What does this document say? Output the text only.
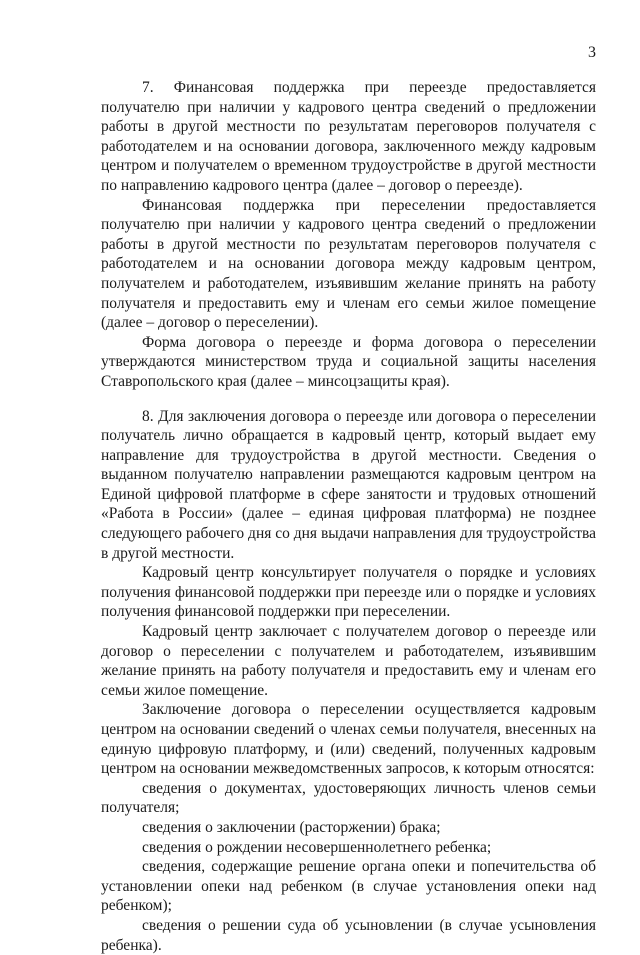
3

7. Финансовая поддержка при переезде предоставляется получателю при наличии у кадрового центра сведений о предложении работы в другой местности по результатам переговоров получателя с работодателем и на основании договора, заключенного между кадровым центром и получателем о временном трудоустройстве в другой местности по направлению кадрового центра (далее – договор о переезде).

Финансовая поддержка при переселении предоставляется получателю при наличии у кадрового центра сведений о предложении работы в другой местности по результатам переговоров получателя с работодателем и на основании договора между кадровым центром, получателем и работодателем, изъявившим желание принять на работу получателя и предоставить ему и членам его семьи жилое помещение (далее – договор о переселении).

Форма договора о переезде и форма договора о переселении утверждаются министерством труда и социальной защиты населения Ставропольского края (далее – минсоцзащиты края).

8. Для заключения договора о переезде или договора о переселении получатель лично обращается в кадровый центр, который выдает ему направление для трудоустройства в другой местности. Сведения о выданном получателю направлении размещаются кадровым центром на Единой цифровой платформе в сфере занятости и трудовых отношений «Работа в России» (далее – единая цифровая платформа) не позднее следующего рабочего дня со дня выдачи направления для трудоустройства в другой местности.

Кадровый центр консультирует получателя о порядке и условиях получения финансовой поддержки при переезде или о порядке и условиях получения финансовой поддержки при переселении.

Кадровый центр заключает с получателем договор о переезде или договор о переселении с получателем и работодателем, изъявившим желание принять на работу получателя и предоставить ему и членам его семьи жилое помещение.

Заключение договора о переселении осуществляется кадровым центром на основании сведений о членах семьи получателя, внесенных на единую цифровую платформу, и (или) сведений, полученных кадровым центром на основании межведомственных запросов, к которым относятся:

сведения о документах, удостоверяющих личность членов семьи получателя;

сведения о заключении (расторжении) брака;

сведения о рождении несовершеннолетнего ребенка;

сведения, содержащие решение органа опеки и попечительства об установлении опеки над ребенком (в случае установления опеки над ребенком);

сведения о решении суда об усыновлении (в случае усыновления ребенка).
